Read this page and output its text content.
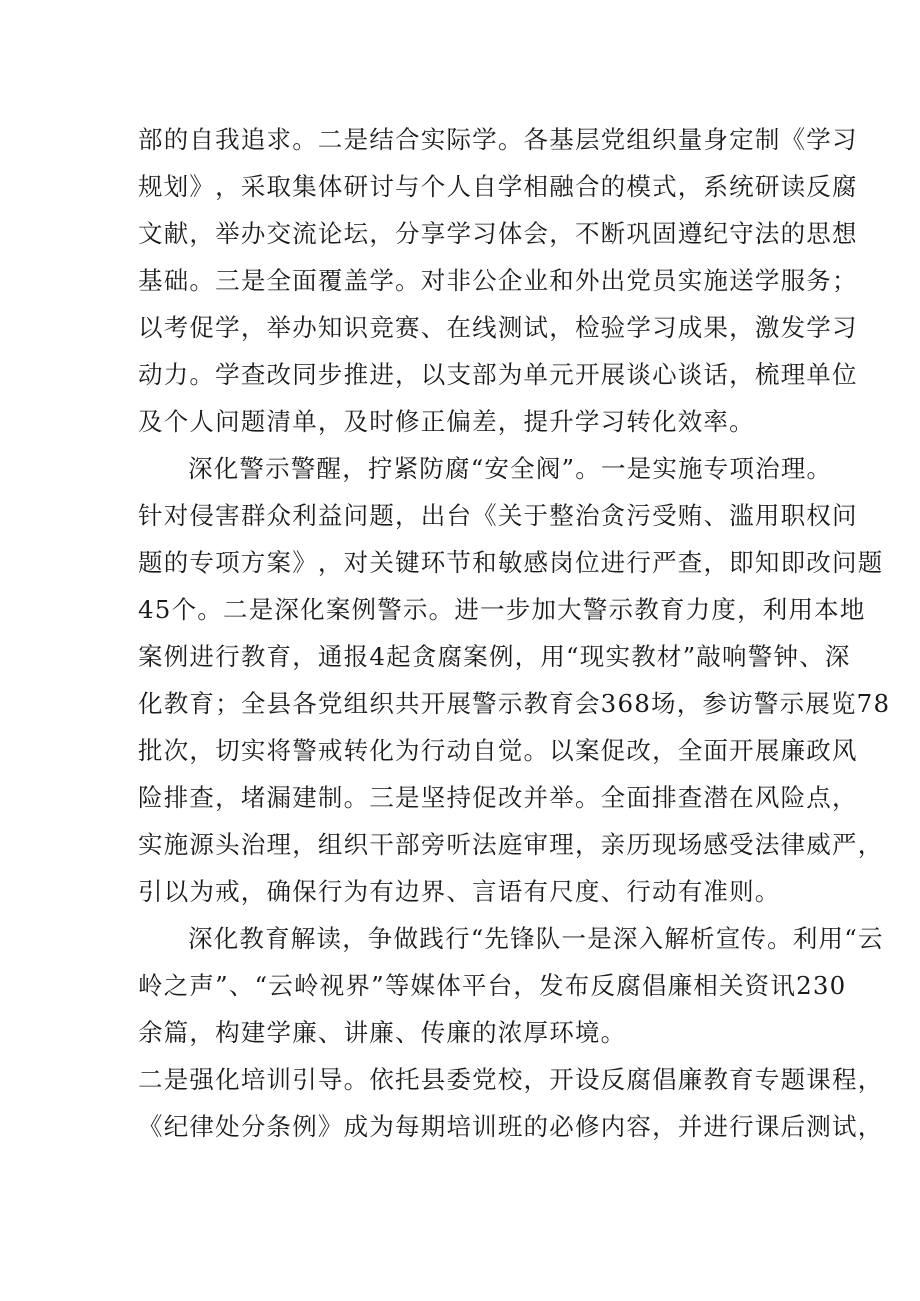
部 的 自 我 追 求 。 二 是 结 合 实 际 学 。 各 基 层 党 组 织 量 身 定 制 《 学 习
规 划 》 ， 采 取 集 体 研 讨 与 个 人 自 学 相 融 合 的 模 式 ， 系 统 研 读 反 腐
文 献 ， 举 办 交 流 论 坛 ， 分 享 学 习 体 会 ， 不 断 巩 固 遵 纪 守 法 的 思 想
基 础 。 三 是 全 面 覆 盖 学 。 对 非 公 企 业 和 外 出 党 员 实 施 送 学 服 务 ；
以 考 促 学 ， 举 办 知 识 竞 赛 、 在 线 测 试 ， 检 验 学 习 成 果 ， 激 发 学 习
动 力 。 学 查 改 同 步 推 进 ， 以 支 部 为 单 元 开 展 谈 心 谈 话 ， 梳 理 单 位
及个人问题清单，及时修正偏差，提升学习转化效率。
深化警示警醒，拧紧防腐“安全阀”。一是实施专项治理。
针 对 侵 害 群 众 利 益 问 题 ， 出 台 《 关 于 整 治 贪 污 受 贿 、 滥 用 职 权 问
题 的 专 项 方 案 》 ， 对 关 键 环 节 和 敏 感 岗 位 进 行 严 查 ， 即 知 即 改 问 题
4 5 个 。 二 是 深 化 案 例 警 示 。 进 一 步 加 大 警 示 教 育 力 度 ， 利 用 本 地
案 例 进 行 教 育 ， 通 报 4 起 贪 腐 案 例 ， 用 “ 现 实 教 材 ” 敲 响 警 钟 、 深
化 教 育 ； 全 县 各 党 组 织 共 开 展 警 示 教 育 会 3 6 8 场 ， 参 访 警 示 展 览 7 8
批 次 ， 切 实 将 警 戒 转 化 为 行 动 自 觉 。 以 案 促 改 ， 全 面 开 展 廉 政 风
险 排 查 ， 堵 漏 建 制 。 三 是 坚 持 促 改 并 举 。 全 面 排 查 潜 在 风 险 点 ，
实 施 源 头 治 理 ， 组 织 干 部 旁 听 法 庭 审 理 ， 亲 历 现 场 感 受 法 律 威 严 ，
引以为戒，确保行为有边界、言语有尺度、行动有准则。
深化教育解读，争做践行“先锋队一是深入解析宣传。利用“云
岭 之 声 ” 、 “ 云 岭 视 界 ” 等 媒 体 平 台 ， 发 布 反 腐 倡 廉 相 关 资 讯 2 3 0
余篇，构建学廉、讲廉、传廉的浓厚环境。
二 是 强 化 培 训 引 导 。 依 托 县 委 党 校 ， 开 设 反 腐 倡 廉 教 育 专 题 课 程 ，
《 纪 律 处 分 条 例 》 成 为 每 期 培 训 班 的 必 修 内 容 ， 并 进 行 课 后 测 试 ，
